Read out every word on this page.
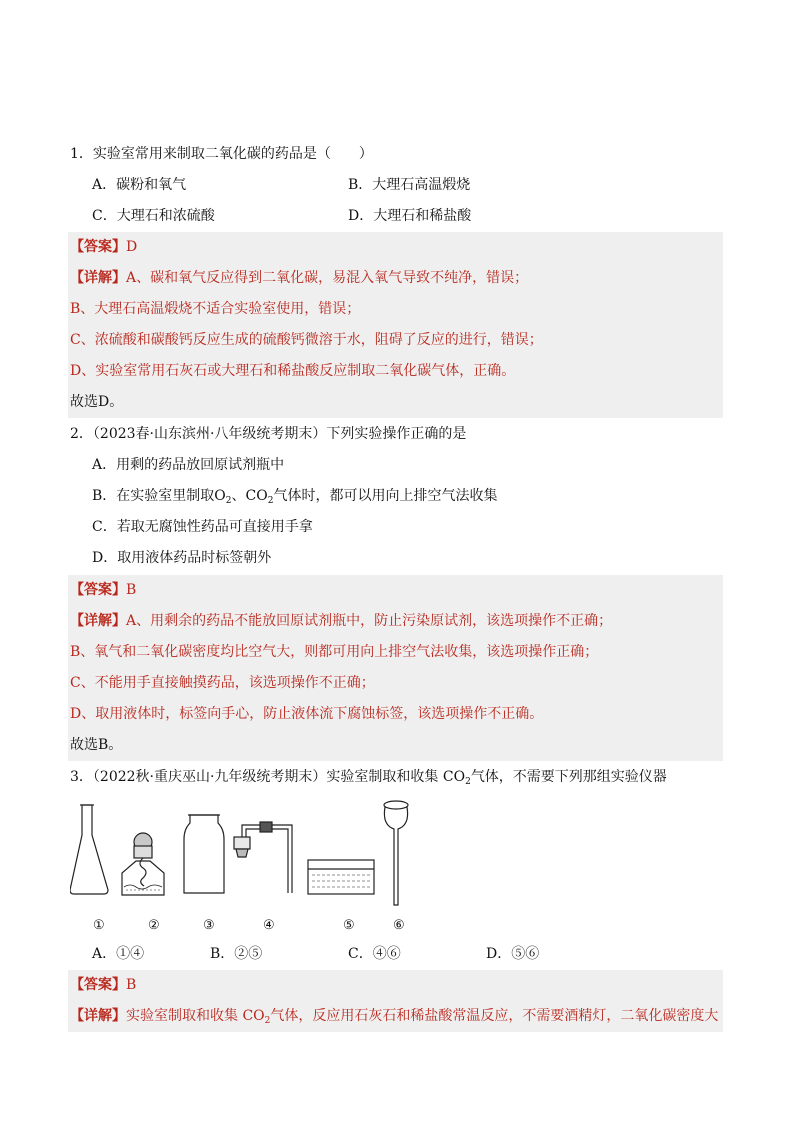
1．实验室常用来制取二氧化碳的药品是（　　）
A．碳粉和氧气	B．大理石高温煅烧
C．大理石和浓硫酸	D．大理石和稀盐酸
【答案】D
【详解】A、碳和氧气反应得到二氧化碳，易混入氧气导致不纯净，错误；
B、大理石高温煅烧不适合实验室使用，错误；
C、浓硫酸和碳酸钙反应生成的硫酸钙微溶于水，阻碍了反应的进行，错误；
D、实验室常用石灰石或大理石和稀盐酸反应制取二氧化碳气体，正确。
故选D。
2．（2023春·山东滨州·八年级统考期末）下列实验操作正确的是
A．用剩的药品放回原试剂瓶中
B．在实验室里制取$O_2$、$CO_2$气体时，都可以用向上排空气法收集
C．若取无腐蚀性药品可直接用手拿
D．取用液体药品时标签朝外
【答案】B
【详解】A、用剩余的药品不能放回原试剂瓶中，防止污染原试剂，该选项操作不正确；
B、氧气和二氧化碳密度均比空气大，则都可用向上排空气法收集，该选项操作正确；
C、不能用手直接触摸药品，该选项操作不正确；
D、取用液体时，标签向手心，防止液体流下腐蚀标签，该选项操作不正确。
故选B。
3．（2022秋·重庆巫山·九年级统考期末）实验室制取和收集 $CO_2$气体，不需要下列那组实验仪器
①	②	③	④	⑤	⑥
A．①④	B．②⑤	C．④⑥	D．⑤⑥
【答案】B
【详解】实验室制取和收集 $CO_2$气体，反应用石灰石和稀盐酸常温反应，不需要酒精灯，二氧化碳密度大
